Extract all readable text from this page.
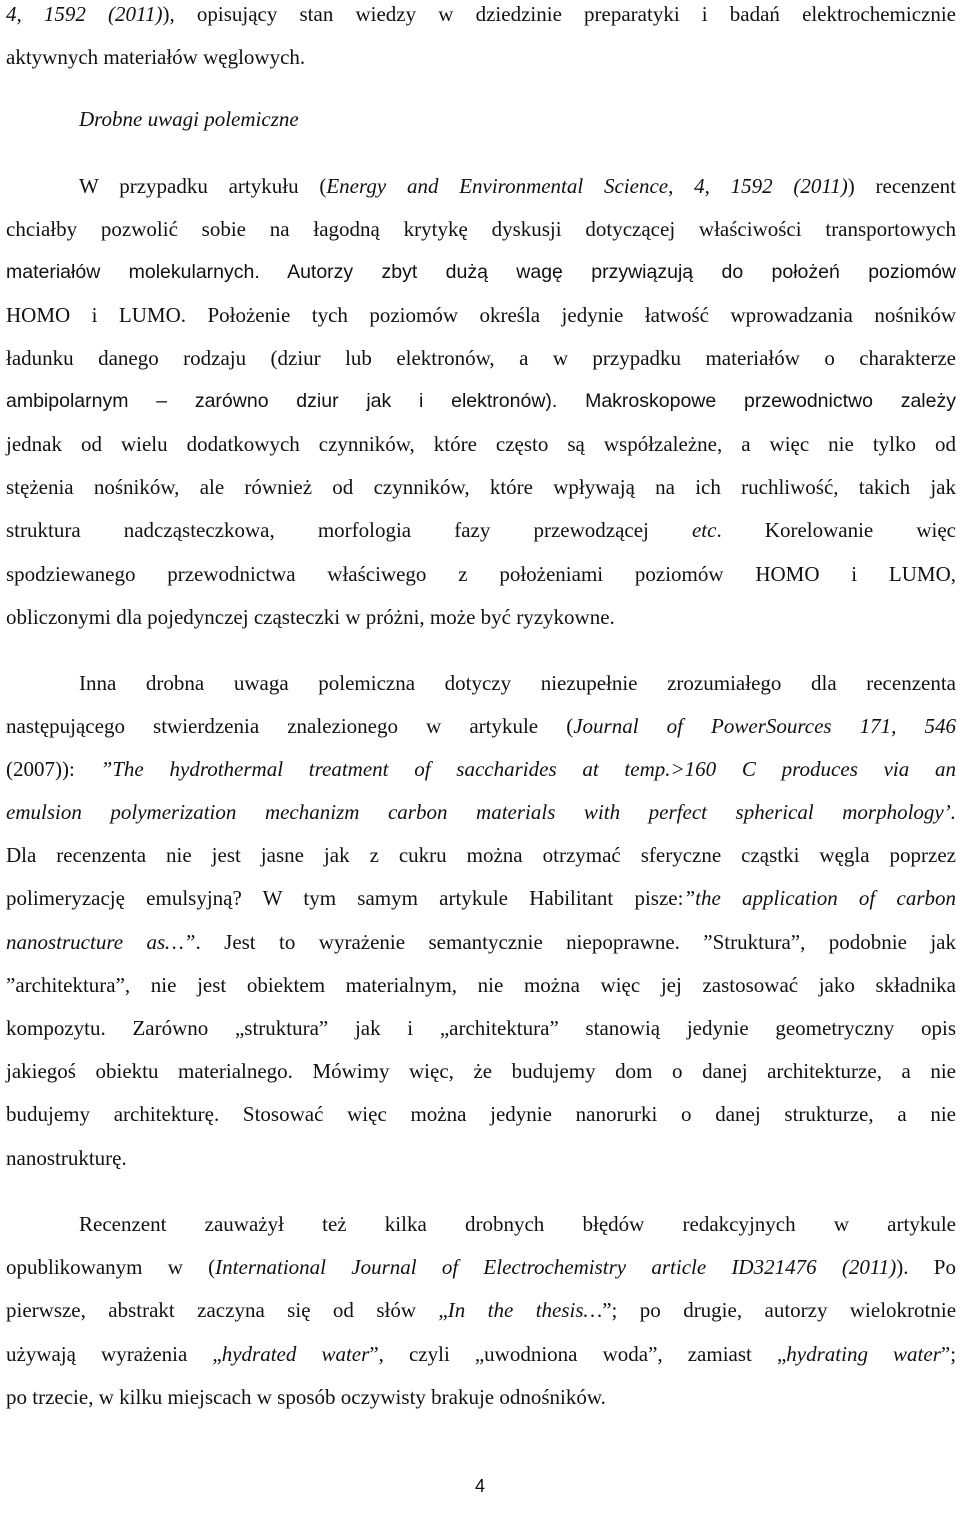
4, 1592 (2011)), opisujący stan wiedzy w dziedzinie preparatyki i badań elektrochemicznie
aktywnych materiałów węglowych.
Drobne uwagi polemiczne
W przypadku artykułu (Energy and Environmental Science, 4, 1592 (2011)) recenzent
chciałby pozwolić sobie na łagodną krytykę dyskusji dotyczącej właściwości transportowych
materiałów molekularnych. Autorzy zbyt dużą wagę przywiązują do położeń poziomów
HOMO i LUMO. Położenie tych poziomów określa jedynie łatwość wprowadzania nośników
ładunku danego rodzaju (dziur lub elektronów, a w przypadku materiałów o charakterze
ambipolarnym – zarówno dziur jak i elektronów). Makroskopowe przewodnictwo zależy
jednak od wielu dodatkowych czynników, które często są współzależne, a więc nie tylko od
stężenia nośników, ale również od czynników, które wpływają na ich ruchliwość, takich jak
struktura nadcząsteczkowa, morfologia fazy przewodzącej etc. Korelowanie więc
spodziewanego przewodnictwa właściwego z położeniami poziomów HOMO i LUMO,
obliczonymi dla pojedynczej cząsteczki w próżni, może być ryzykowne.
Inna drobna uwaga polemiczna dotyczy niezupełnie zrozumiałego dla recenzenta
następującego stwierdzenia znalezionego w artykule (Journal of PowerSources 171, 546
(2007)): ”The hydrothermal treatment of saccharides at temp.>160 C produces via an
emulsion polymerization mechanizm carbon materials with perfect spherical morphology’.
Dla recenzenta nie jest jasne jak z cukru można otrzymać sferyczne cząstki węgla poprzez
polimeryzację emulsyjną? W tym samym artykule Habilitant pisze:”the application of carbon
nanostructure as…”. Jest to wyrażenie semantycznie niepoprawne. ”Struktura”, podobnie jak
”architektura”, nie jest obiektem materialnym, nie można więc jej zastosować jako składnika
kompozytu. Zarówno „struktura” jak i „architektura” stanowią jedynie geometryczny opis
jakiegoś obiektu materialnego. Mówimy więc, że budujemy dom o danej architekturze, a nie
budujemy architekturę. Stosować więc można jedynie nanorurki o danej strukturze, a nie
nanostrukturę.
Recenzent zauważył też kilka drobnych błędów redakcyjnych w artykule
opublikowanym w (International Journal of Electrochemistry article ID321476 (2011)). Po
pierwsze, abstrakt zaczyna się od słów „In the thesis…”; po drugie, autorzy wielokrotnie
używają wyrażenia „hydrated water”, czyli „uwodniona woda”, zamiast „hydrating water”;
po trzecie, w kilku miejscach w sposób oczywisty brakuje odnośników.
4
